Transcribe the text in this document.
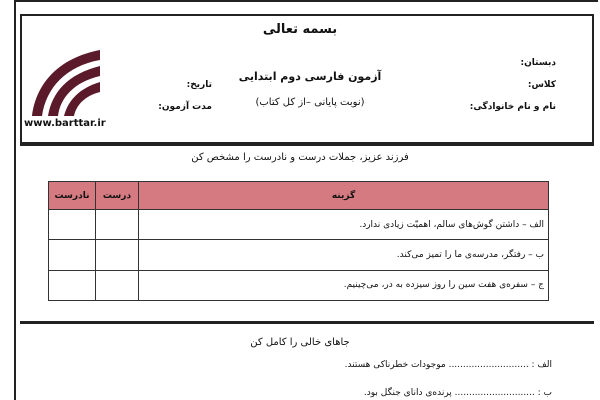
بسمه تعالی
آزمون فارسی دوم ابتدایی
(نوبت پایانی –از کل کتاب)
دبستان:
کلاس:
نام و نام خانوادگی:
تاریخ:
مدت آزمون:
www.barttar.ir
فرزند عزیز، جملات درست و نادرست را مشخص کن
گزینه	درست	نادرست
الف – داشتن گوش‌های سالم، اهمیّت زیادی ندارد.		
ب – رفتگر، مدرسه‌ی ما را تمیز می‌کند.		
ج – سفره‌ی هفت سین را روز سیزده به در، می‌چینیم.		
جاهای خالی را کامل کن
الف : ............................ موجودات خطرناکی هستند.
ب : ............................ پرنده‌ی دانای جنگل بود.
